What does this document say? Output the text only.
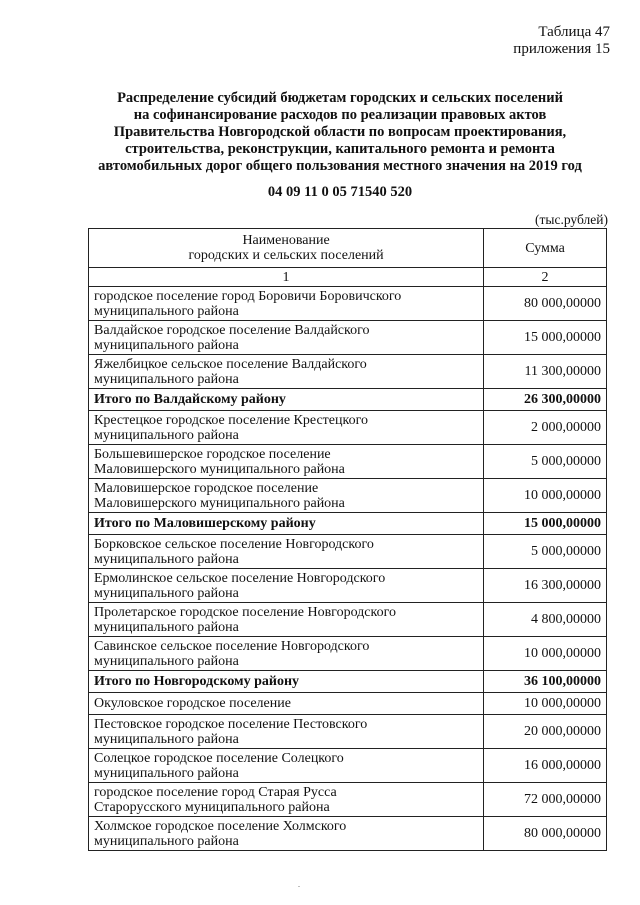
Таблица 47
приложения 15
Распределение субсидий бюджетам городских и сельских поселений
на софинансирование расходов по реализации правовых актов
Правительства Новгородской области по вопросам проектирования,
строительства, реконструкции, капитального ремонта и ремонта
автомобильных дорог общего пользования местного значения на 2019 год
04 09 11 0 05 71540 520
(тыс.рублей)
Наименование
городских и сельских поселений	Сумма
1	2

городское поселение город Боровичи Боровичского
муниципального района	80 000,00000

Валдайское городское поселение Валдайского
муниципального района	15 000,00000

Яжелбицкое сельское поселение Валдайского
муниципального района	11 300,00000
Итого по Валдайскому району	26 300,00000

Крестецкое городское поселение Крестецкого
муниципального района	2 000,00000

Большевишерское городское поселение
Маловишерского муниципального района	5 000,00000

Маловишерское городское поселение
Маловишерского муниципального района	10 000,00000
Итого по Маловишерскому району	15 000,00000

Борковское сельское поселение Новгородского
муниципального района	5 000,00000

Ермолинское сельское поселение Новгородского
муниципального района	16 300,00000

Пролетарское городское поселение Новгородского
муниципального района	4 800,00000

Савинское сельское поселение Новгородского
муниципального района	10 000,00000
Итого по Новгородскому району	36 100,00000

Окуловское городское поселение	10 000,00000

Пестовское городское поселение Пестовского
муниципального района	20 000,00000

Солецкое городское поселение Солецкого
муниципального района	16 000,00000

городское поселение город Старая Русса
Старорусского муниципального района	72 000,00000

Холмское городское поселение Холмского
муниципального района	80 000,00000
.
